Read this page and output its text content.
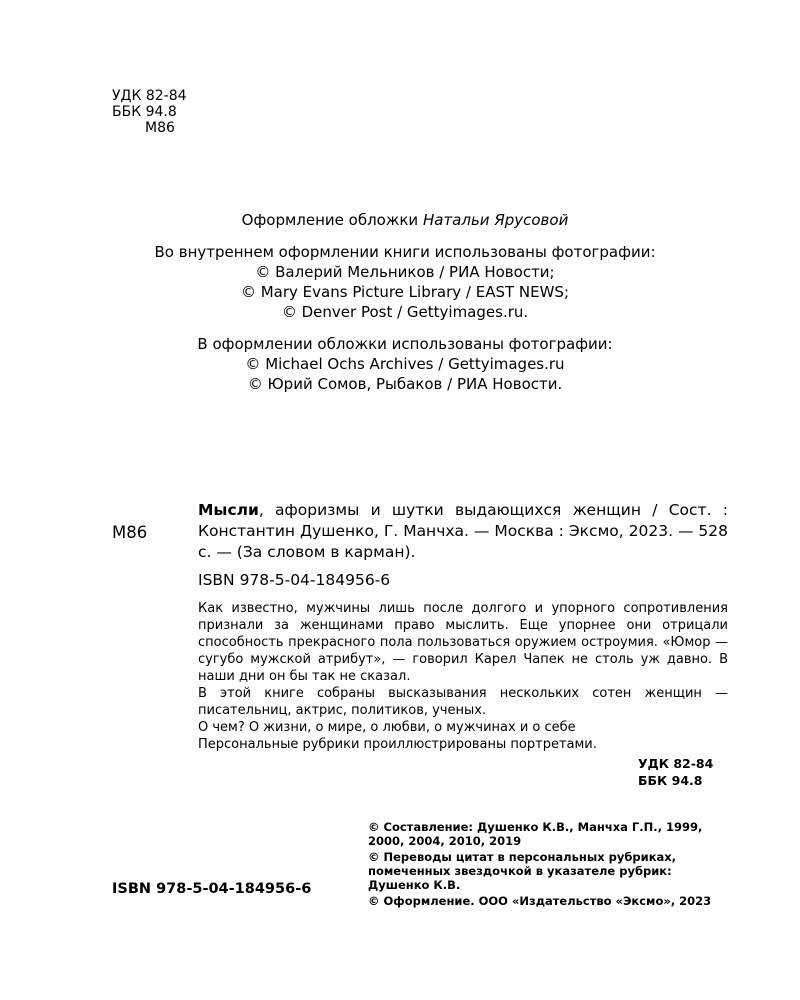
УДК 82-84
ББК 94.8
М86

Оформление обложки Натальи Ярусовой

Во внутреннем оформлении книги использованы фотографии:

© Валерий Мельников / РИА Новости;

© Mary Evans Picture Library / EAST NEWS;

© Denver Post / Gettyimages.ru.

В оформлении обложки использованы фотографии:

© Michael Ochs Archives / Gettyimages.ru

© Юрий Сомов, Рыбаков / РИА Новости.

М86
Мысли, афоризмы и шутки выдающихся женщин / Сост. : Константин Душенко, Г. Манчха. — Москва : Эксмо, 2023. — 528 с. — (За словом в карман).
ISBN 978-5-04-184956-6

Как известно, мужчины лишь после долгого и упорного сопротивления признали за женщинами право мыслить. Еще упорнее они отрицали способность прекрасного пола пользоваться оружием остроумия. «Юмор — сугубо мужской атрибут», — говорил Карел Чапек не столь уж давно. В наши дни он бы так не сказал.

В этой книге собраны высказывания нескольких сотен женщин — писательниц, актрис, политиков, ученых.

О чем? О жизни, о мире, о любви, о мужчинах и о себе

Персональные рубрики проиллюстрированы портретами.

УДК 82-84
ББК 94.8
ISBN 978-5-04-184956-6

© Составление: Душенко К.В., Манчха Г.П., 1999, 2000, 2004, 2010, 2019

© Переводы цитат в персональных рубриках, помеченных звездочкой в указателе рубрик: Душенко К.В.

© Оформление. ООО «Издательство «Эксмо», 2023
